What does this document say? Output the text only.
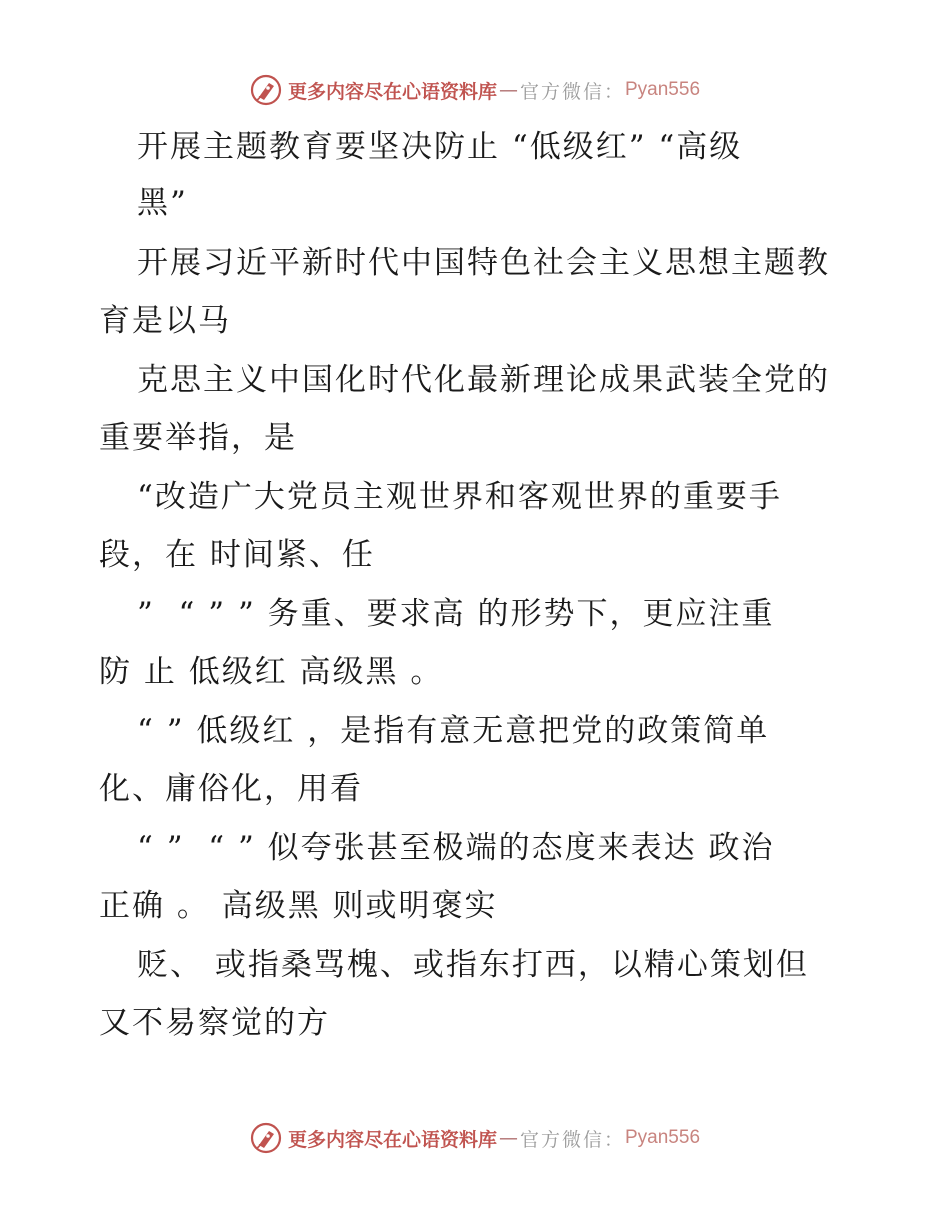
更多内容尽在心语资料库 — 官方微信： Pyan556
开展主题教育要坚决防止 “低级红” “高级
黑”
开展习近平新时代中国特色社会主义思想主题教
育是以马
克思主义中国化时代化最新理论成果武装全党的
重要举指，是
“改造广大党员主观世界和客观世界的重要手
段，在 时间紧、任
”  “ ” ” 务重、要求高 的形势下，更应注重
防 止 低级红 高级黑 。
“ ” 低级红 ，是指有意无意把党的政策简单
化、庸俗化，用看
“ ”  “ ” 似夸张甚至极端的态度来表达 政治
正确 。 高级黑 则或明褒实
贬、 或指桑骂槐、或指东打西，以精心策划但
又不易察觉的方
更多内容尽在心语资料库 — 官方微信： Pyan556
